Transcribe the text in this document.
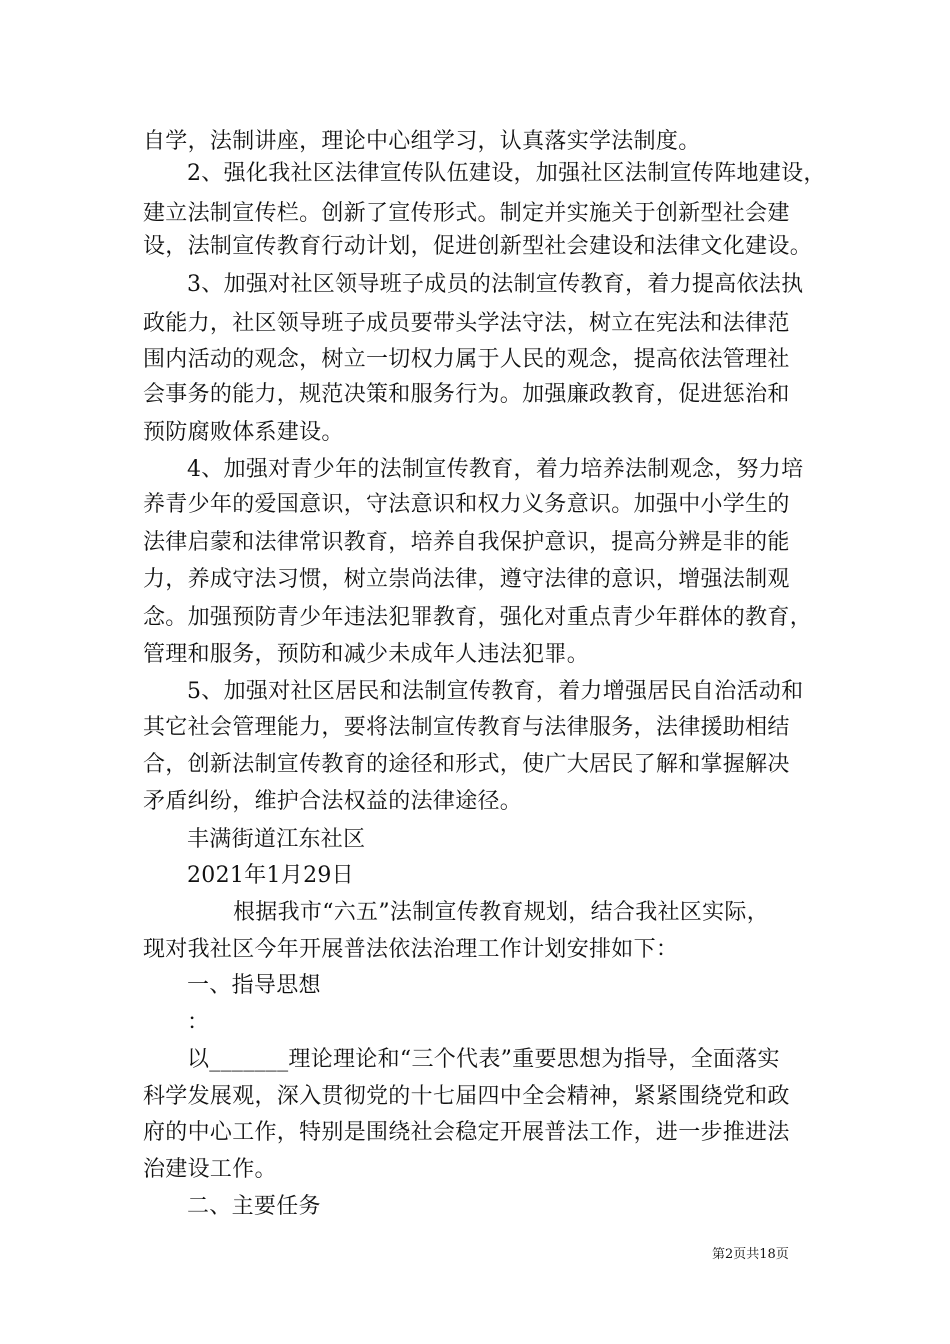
自学，法制讲座，理论中心组学习，认真落实学法制度。
2、强化我社区法律宣传队伍建设，加强社区法制宣传阵地建设，
建立法制宣传栏。创新了宣传形式。制定并实施关于创新型社会建
设，法制宣传教育行动计划，促进创新型社会建设和法律文化建设。
3、加强对社区领导班子成员的法制宣传教育，着力提高依法执
政能力，社区领导班子成员要带头学法守法，树立在宪法和法律范
围内活动的观念，树立一切权力属于人民的观念，提高依法管理社
会事务的能力，规范决策和服务行为。加强廉政教育，促进惩治和
预防腐败体系建设。
4、加强对青少年的法制宣传教育，着力培养法制观念，努力培
养青少年的爱国意识，守法意识和权力义务意识。加强中小学生的
法律启蒙和法律常识教育，培养自我保护意识，提高分辨是非的能
力，养成守法习惯，树立崇尚法律，遵守法律的意识，增强法制观
念。加强预防青少年违法犯罪教育，强化对重点青少年群体的教育，
管理和服务，预防和减少未成年人违法犯罪。
5、加强对社区居民和法制宣传教育，着力增强居民自治活动和
其它社会管理能力，要将法制宣传教育与法律服务，法律援助相结
合，创新法制宣传教育的途径和形式，使广大居民了解和掌握解决
矛盾纠纷，维护合法权益的法律途径。
丰满街道江东社区
2021年1月29日
根据我市“六五”法制宣传教育规划，结合我社区实际，
现对我社区今年开展普法依法治理工作计划安排如下：
一、指导思想
：
以_______理论理论和“三个代表”重要思想为指导，全面落实
科学发展观，深入贯彻党的十七届四中全会精神，紧紧围绕党和政
府的中心工作，特别是围绕社会稳定开展普法工作，进一步推进法
治建设工作。
二、主要任务
第2页共18页
